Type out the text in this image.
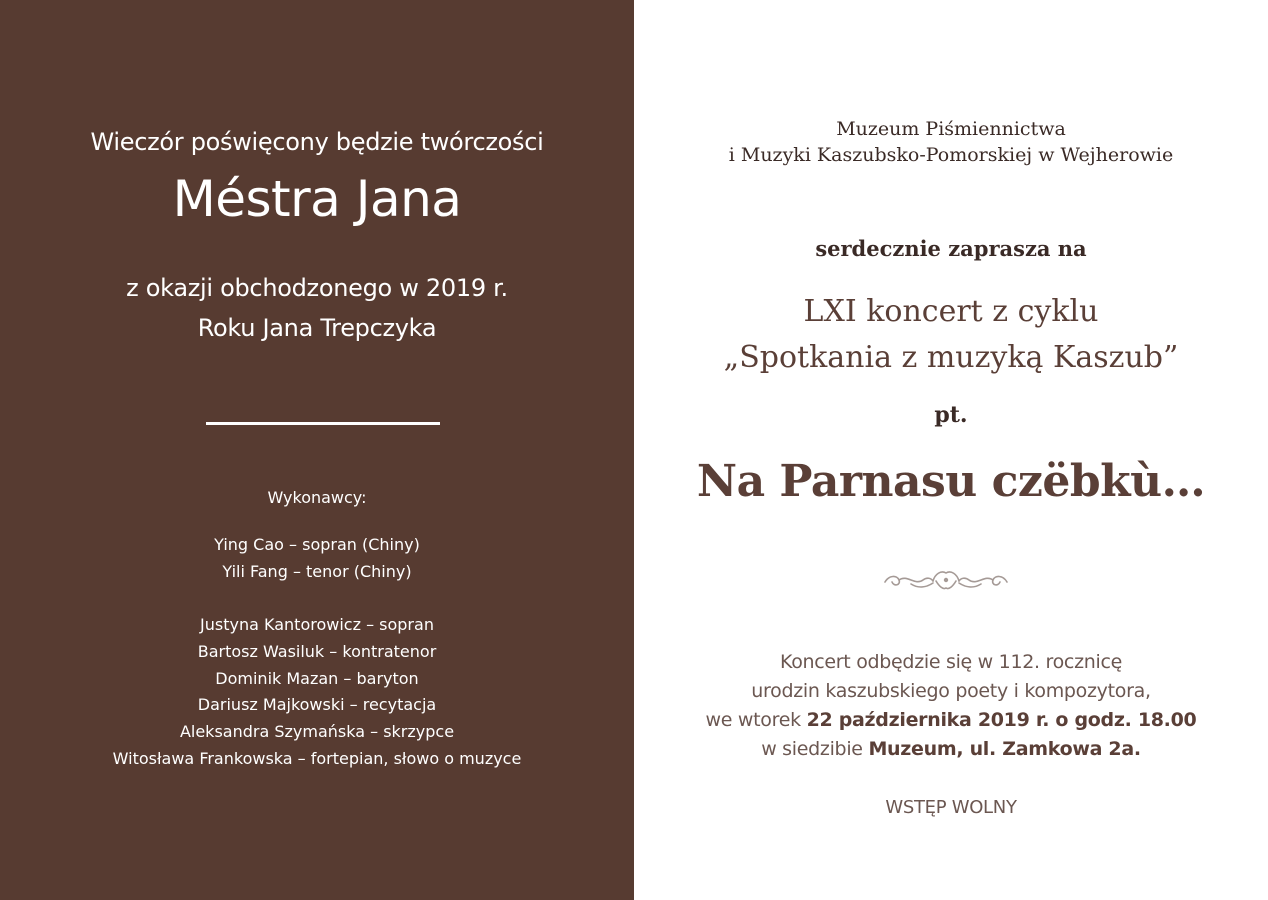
Wieczór poświęcony będzie twórczości
Méstra Jana
z okazji obchodzonego w 2019 r.
Roku Jana Trepczyka
Wykonawcy:
Ying Cao – sopran (Chiny)
Yili Fang – tenor (Chiny)
Justyna Kantorowicz – sopran
Bartosz Wasiluk – kontratenor
Dominik Mazan – baryton
Dariusz Majkowski – recytacja
Aleksandra Szymańska – skrzypce
Witosława Frankowska – fortepian, słowo o muzyce
Muzeum Piśmiennictwa
i Muzyki Kaszubsko-Pomorskiej w Wejherowie
serdecznie zaprasza na
LXI koncert z cyklu
„Spotkania z muzyką Kaszub”
pt.
Na Parnasu czëbkù…
Koncert odbędzie się w 112. rocznicę
urodzin kaszubskiego poety i kompozytora,
we wtorek 22 października 2019 r. o godz. 18.00
w siedzibie Muzeum, ul. Zamkowa 2a.
WSTĘP WOLNY
